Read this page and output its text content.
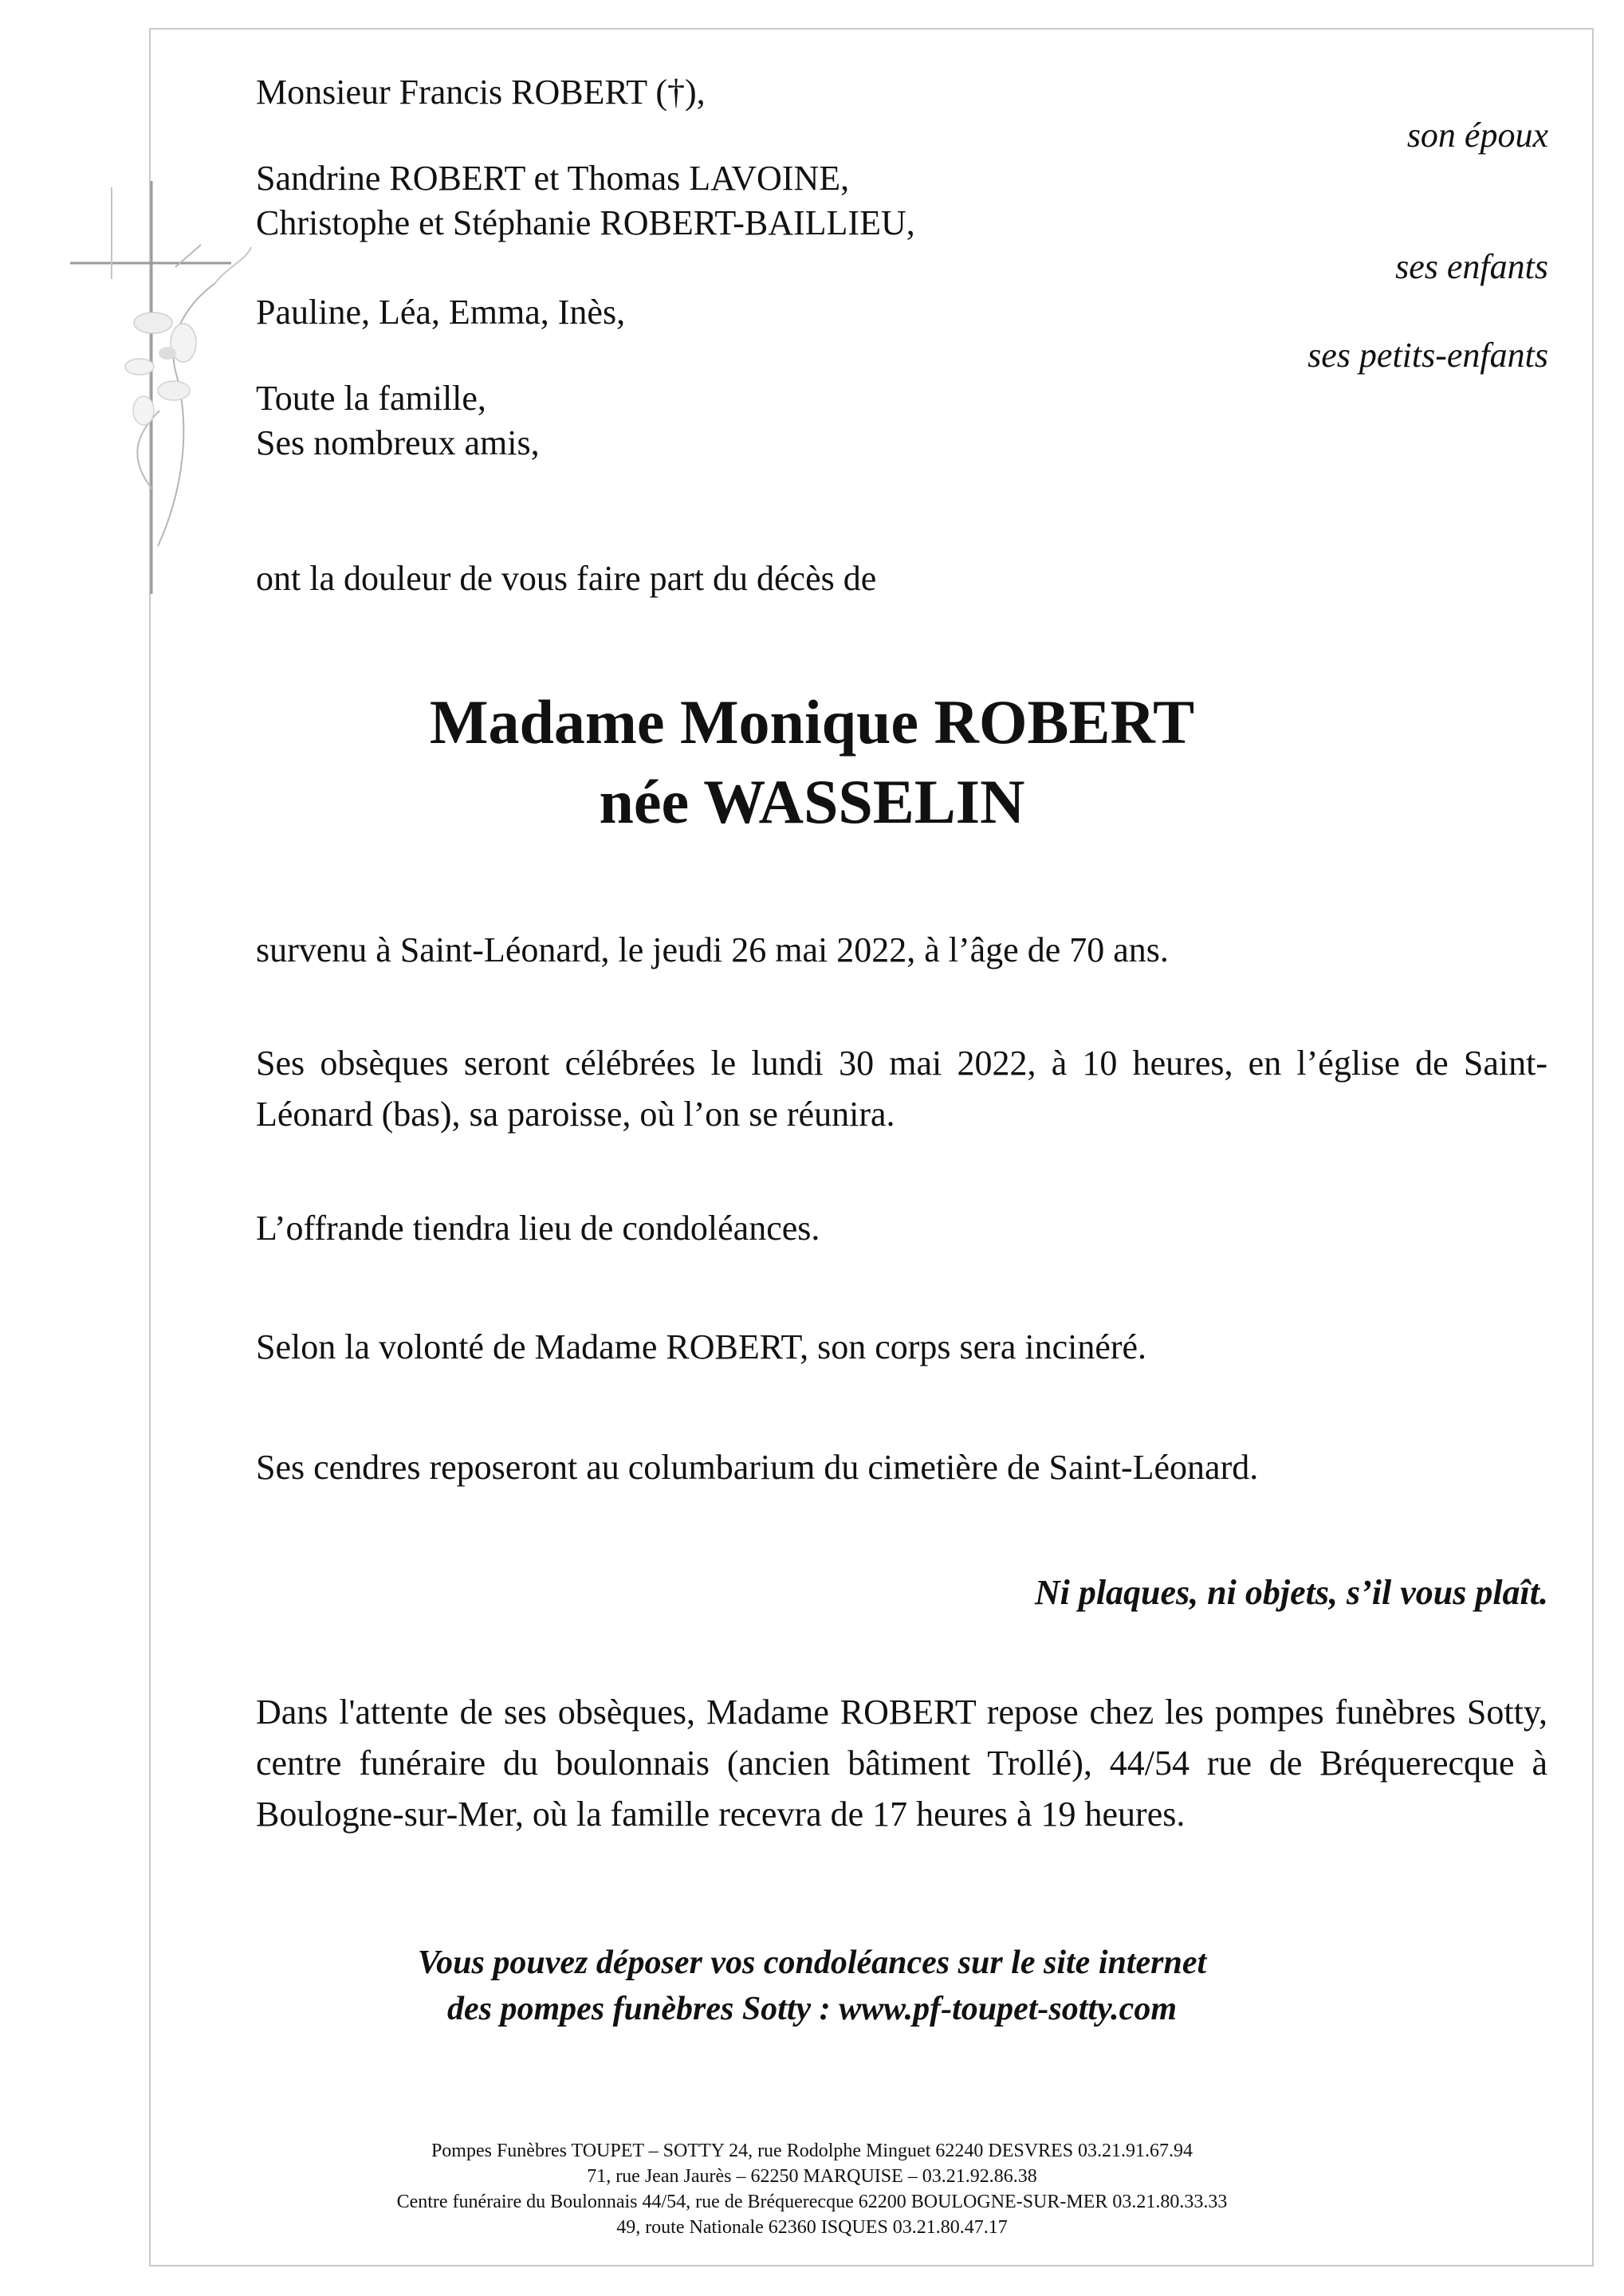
Monsieur Francis ROBERT (†),

son époux

Sandrine ROBERT et Thomas LAVOINE,

Christophe et Stéphanie ROBERT-BAILLIEU,

ses enfants

Pauline, Léa, Emma, Inès,

ses petits-enfants

Toute la famille,

Ses nombreux amis,

ont la douleur de vous faire part du décès de

Madame Monique ROBERT

née WASSELIN

survenu à Saint-Léonard, le jeudi 26 mai 2022, à l’âge de 70 ans.

Ses obsèques seront célébrées le lundi 30 mai 2022, à 10 heures, en l’église de Saint-Léonard (bas), sa paroisse, où l’on se réunira.

L’offrande tiendra lieu de condoléances.

Selon la volonté de Madame ROBERT, son corps sera incinéré.

Ses cendres reposeront au columbarium du cimetière de Saint-Léonard.

Ni plaques, ni objets, s’il vous plaît.

Dans l'attente de ses obsèques, Madame ROBERT repose chez les pompes funèbres Sotty, centre funéraire du boulonnais (ancien bâtiment Trollé), 44/54 rue de Bréquerecque à Boulogne-sur-Mer, où la famille recevra de 17 heures à 19 heures.

Vous pouvez déposer vos condoléances sur le site internet

des pompes funèbres Sotty : www.pf-toupet-sotty.com

Pompes Funèbres TOUPET – SOTTY 24, rue Rodolphe Minguet 62240 DESVRES 03.21.91.67.94

71, rue Jean Jaurès – 62250 MARQUISE – 03.21.92.86.38

Centre funéraire du Boulonnais 44/54, rue de Bréquerecque 62200 BOULOGNE-SUR-MER 03.21.80.33.33

49, route Nationale 62360 ISQUES 03.21.80.47.17
